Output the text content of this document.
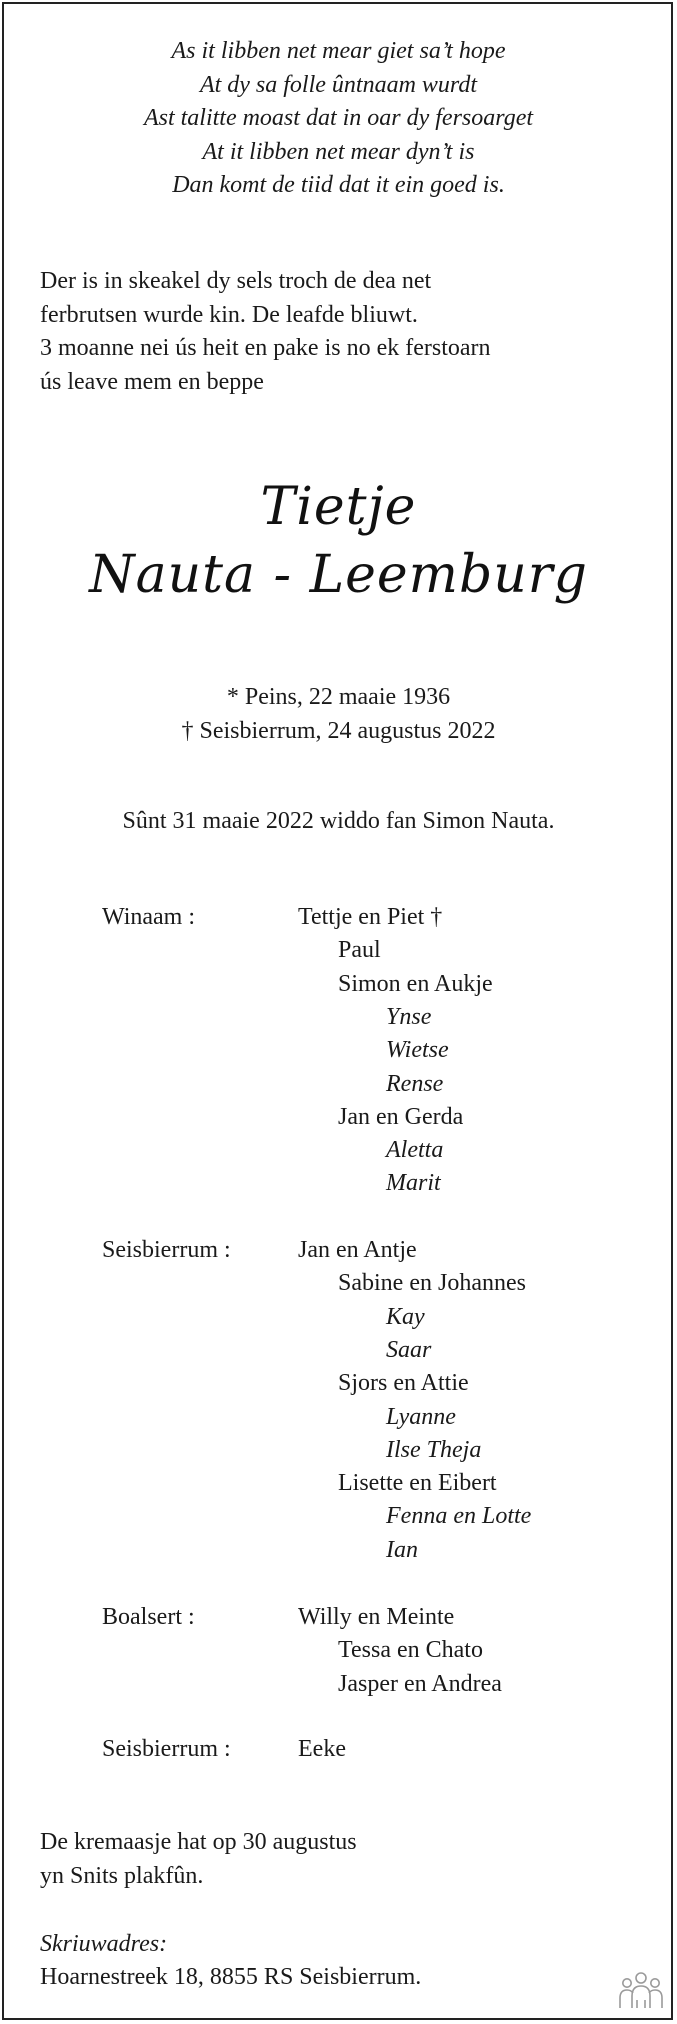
As it libben net mear giet sa’t hope
At dy sa folle ûntnaam wurdt
Ast talitte moast dat in oar dy fersoarget
At it libben net mear dyn’t is
Dan komt de tiid dat it ein goed is.
Der is in skeakel dy sels troch de dea net
ferbrutsen wurde kin. De leafde bliuwt.
3 moanne nei ús heit en pake is no ek ferstoarn
ús leave mem en beppe
Tietje
Nauta - Leemburg
* Peins, 22 maaie 1936
† Seisbierrum, 24 augustus 2022
Sûnt 31 maaie 2022 widdo fan Simon Nauta.
Winaam :	Tettje en Piet †
Paul
Simon en Aukje
Ynse
Wietse
Rense
Jan en Gerda
Aletta
Marit
Seisbierrum :	Jan en Antje
Sabine en Johannes
Kay
Saar
Sjors en Attie
Lyanne
Ilse Theja
Lisette en Eibert
Fenna en Lotte
Ian
Boalsert :	Willy en Meinte
Tessa en Chato
Jasper en Andrea
Seisbierrum :	Eeke
De kremaasje hat op 30 augustus
yn Snits plakfûn.
Skriuwadres:
Hoarnestreek 18, 8855 RS Seisbierrum.
